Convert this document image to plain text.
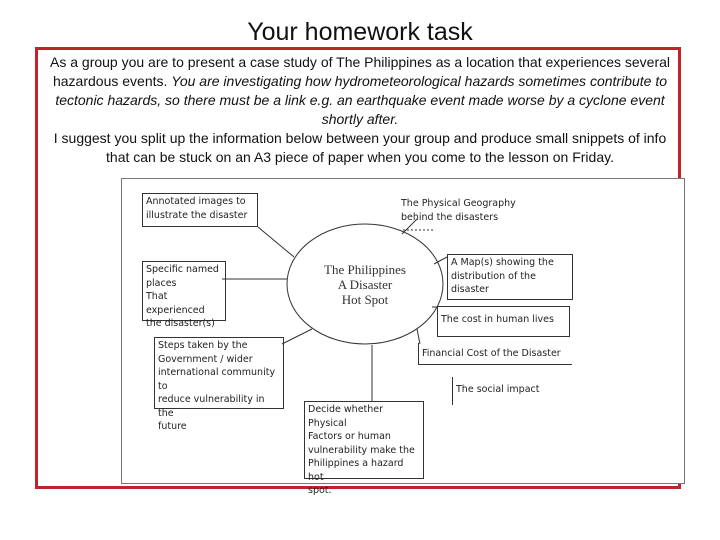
Your homework task

As a group you are to present a case study of The Philippines as a location that experiences several hazardous events. You are investigating how hydrometeorological hazards sometimes contribute to tectonic hazards, so there must be a link e.g. an earthquake event made worse by a cyclone event shortly after.

I suggest you split up the information below between your group and produce small snippets of info that can be stuck on an A3 piece of paper when you come to the lesson on Friday.

The Philippines
A Disaster
Hot Spot
Annotated images to
illustrate the disaster
The Physical Geography
behind the disasters
Specific named
places
That experienced
the disaster(s)
A Map(s) showing the
distribution of the
disaster
The cost in human lives
Steps taken by the
Government / wider
international community to
reduce vulnerability in the
future
Financial Cost of the Disaster
The social impact
Decide whether Physical
Factors or human
vulnerability make the
Philippines a hazard hot
spot.
